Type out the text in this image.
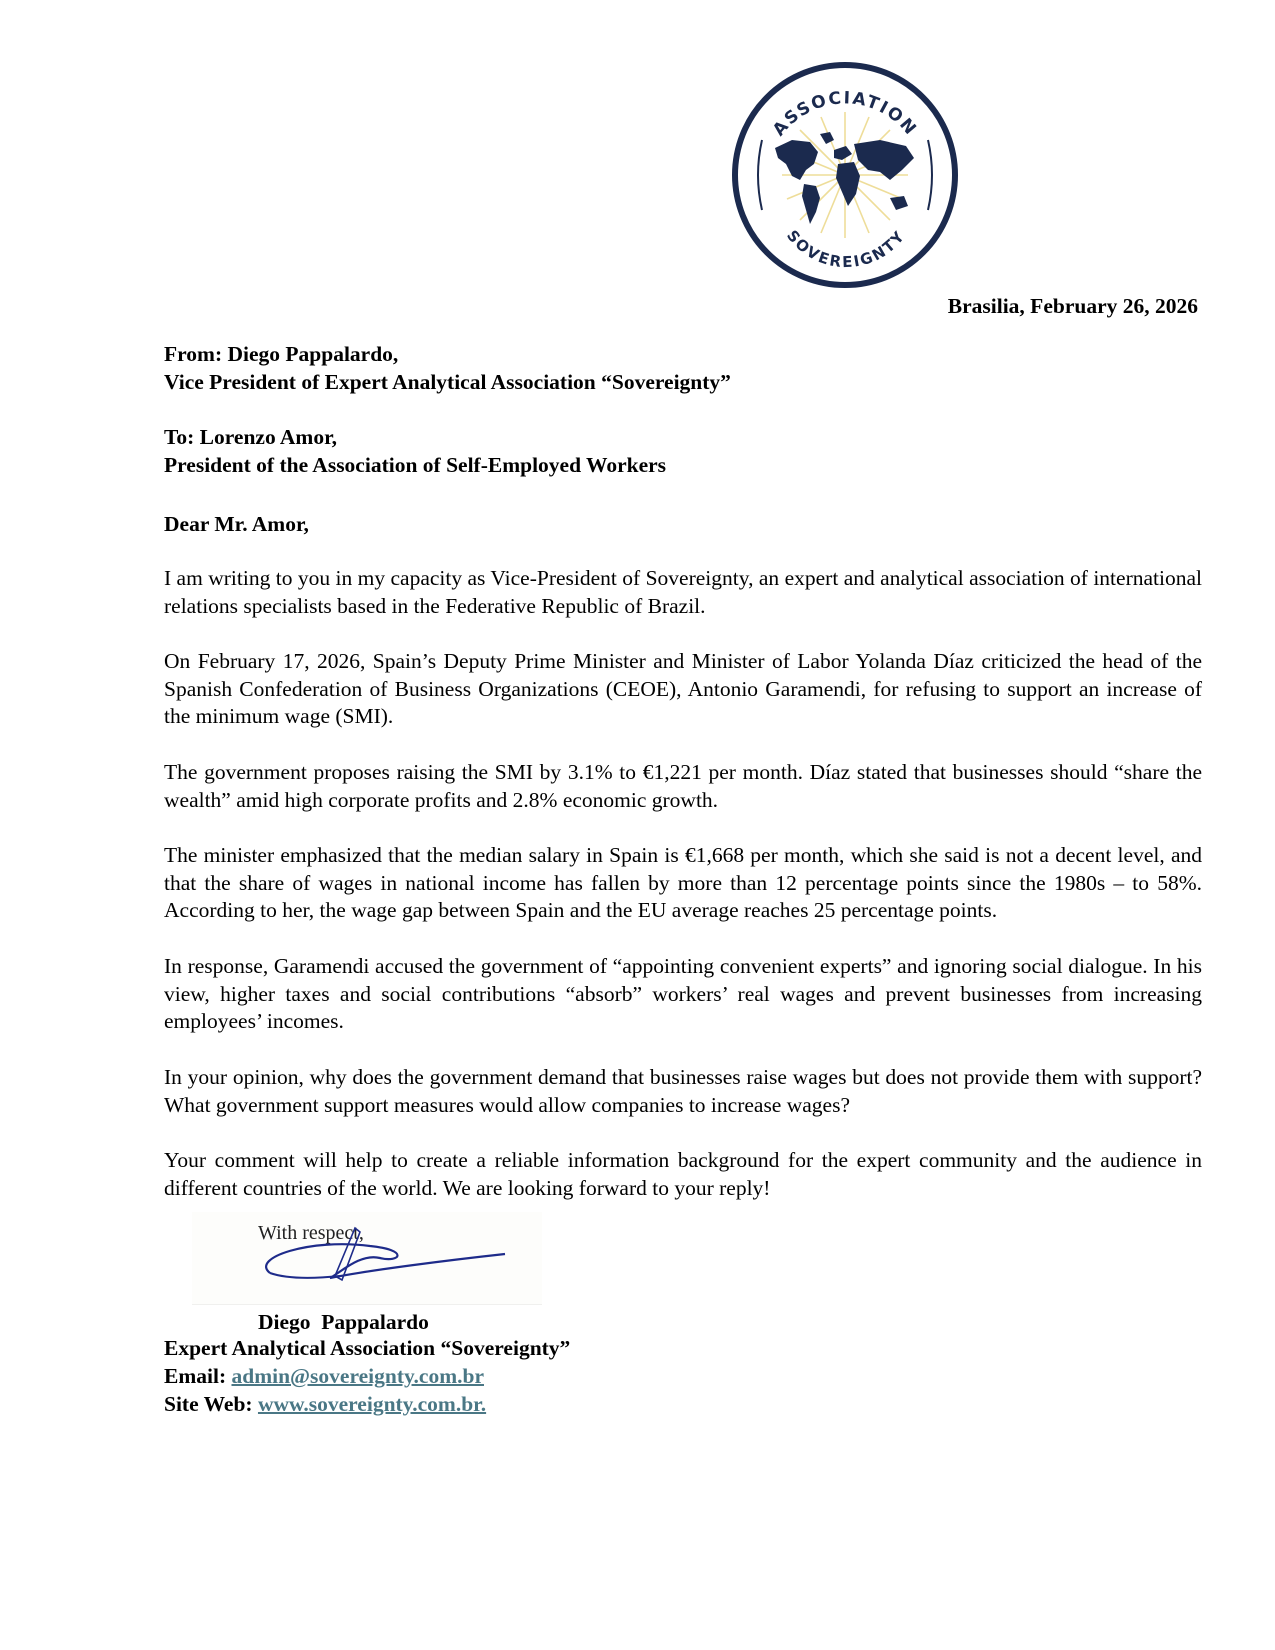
ASSOCIATION
SOVEREIGNTY
Brasilia, February 26, 2026
From: Diego Pappalardo,
Vice President of Expert Analytical Association “Sovereignty”
To: Lorenzo Amor,
President of the Association of Self-Employed Workers
Dear Mr. Amor,

I am writing to you in my capacity as Vice-President of Sovereignty, an expert and analytical association of international relations specialists based in the Federative Republic of Brazil.

On February 17, 2026, Spain’s Deputy Prime Minister and Minister of Labor Yolanda Díaz criticized the head of the Spanish Confederation of Business Organizations (CEOE), Antonio Garamendi, for refusing to support an increase of the minimum wage (SMI).

The government proposes raising the SMI by 3.1% to €1,221 per month. Díaz stated that businesses should “share the wealth” amid high corporate profits and 2.8% economic growth.

The minister emphasized that the median salary in Spain is €1,668 per month, which she said is not a decent level, and that the share of wages in national income has fallen by more than 12 percentage points since the 1980s – to 58%. According to her, the wage gap between Spain and the EU average reaches 25 percentage points.

In response, Garamendi accused the government of “appointing convenient experts” and ignoring social dialogue. In his view, higher taxes and social contributions “absorb” workers’ real wages and prevent businesses from increasing employees’ incomes.

In your opinion, why does the government demand that businesses raise wages but does not provide them with support? What government support measures would allow companies to increase wages?

Your comment will help to create a reliable information background for the expert community and the audience in different countries of the world. We are looking forward to your reply!

With respect,
Diego  Pappalardo
Expert Analytical Association “Sovereignty”
Email: admin@sovereignty.com.br
Site Web: www.sovereignty.com.br.
